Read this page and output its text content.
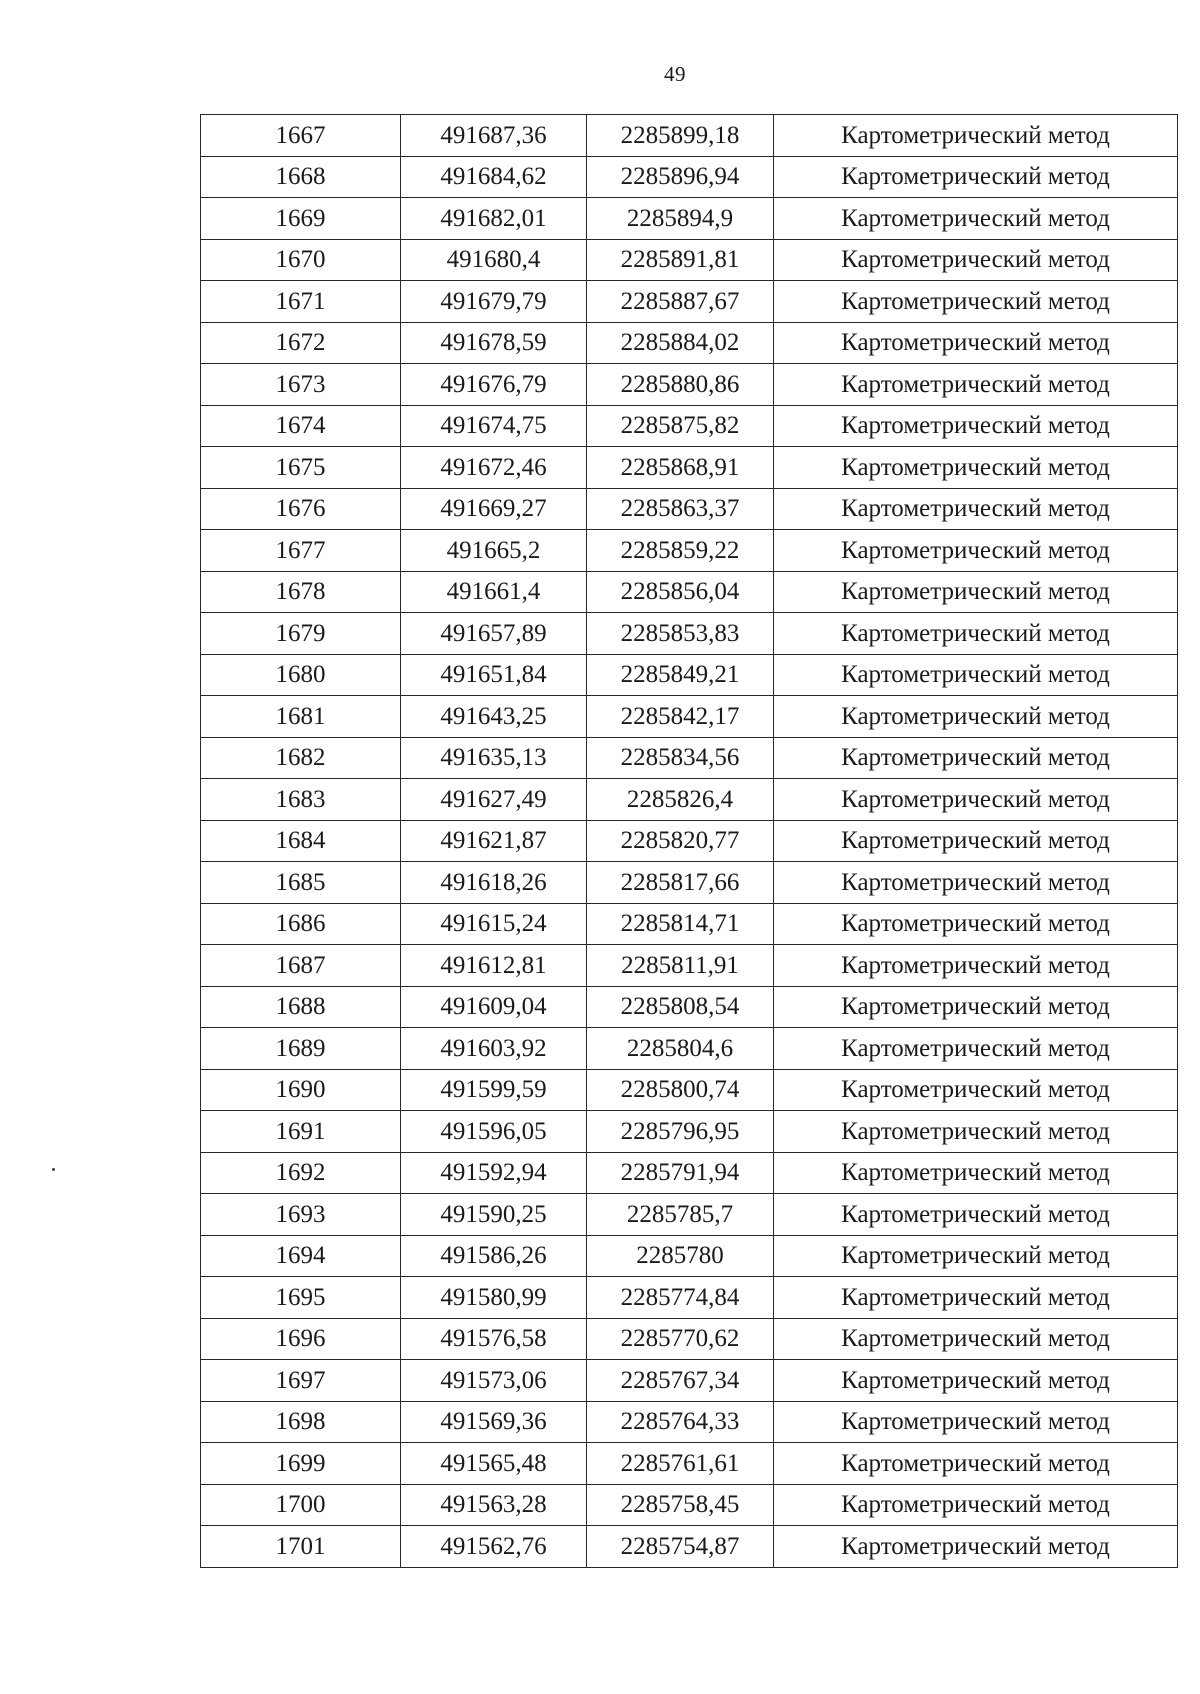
49
1667	491687,36	2285899,18	Картометрический метод
1668	491684,62	2285896,94	Картометрический метод
1669	491682,01	2285894,9	Картометрический метод
1670	491680,4	2285891,81	Картометрический метод
1671	491679,79	2285887,67	Картометрический метод
1672	491678,59	2285884,02	Картометрический метод
1673	491676,79	2285880,86	Картометрический метод
1674	491674,75	2285875,82	Картометрический метод
1675	491672,46	2285868,91	Картометрический метод
1676	491669,27	2285863,37	Картометрический метод
1677	491665,2	2285859,22	Картометрический метод
1678	491661,4	2285856,04	Картометрический метод
1679	491657,89	2285853,83	Картометрический метод
1680	491651,84	2285849,21	Картометрический метод
1681	491643,25	2285842,17	Картометрический метод
1682	491635,13	2285834,56	Картометрический метод
1683	491627,49	2285826,4	Картометрический метод
1684	491621,87	2285820,77	Картометрический метод
1685	491618,26	2285817,66	Картометрический метод
1686	491615,24	2285814,71	Картометрический метод
1687	491612,81	2285811,91	Картометрический метод
1688	491609,04	2285808,54	Картометрический метод
1689	491603,92	2285804,6	Картометрический метод
1690	491599,59	2285800,74	Картометрический метод
1691	491596,05	2285796,95	Картометрический метод
1692	491592,94	2285791,94	Картометрический метод
1693	491590,25	2285785,7	Картометрический метод
1694	491586,26	2285780	Картометрический метод
1695	491580,99	2285774,84	Картометрический метод
1696	491576,58	2285770,62	Картометрический метод
1697	491573,06	2285767,34	Картометрический метод
1698	491569,36	2285764,33	Картометрический метод
1699	491565,48	2285761,61	Картометрический метод
1700	491563,28	2285758,45	Картометрический метод
1701	491562,76	2285754,87	Картометрический метод
